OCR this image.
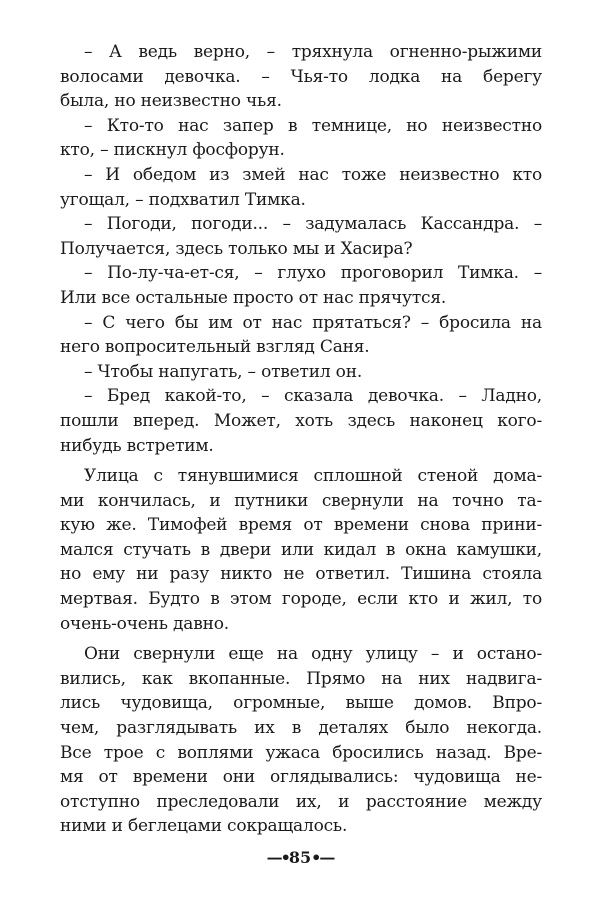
– А ведь верно, – тряхнула огненно-рыжими
волосами девочка. – Чья-то лодка на берегу
была, но неизвестно чья.
– Кто-то нас запер в темнице, но неизвестно
кто, – пискнул фосфорун.
– И обедом из змей нас тоже неизвестно кто
угощал, – подхватил Тимка.
– Погоди, погоди... – задумалась Кассандра. –
Получается, здесь только мы и Хасира?
– По-лу-ча-ет-ся, – глухо проговорил Тимка. –
Или все остальные просто от нас прячутся.
– С чего бы им от нас прятаться? – бросила на
него вопросительный взгляд Саня.
– Чтобы напугать, – ответил он.
– Бред какой-то, – сказала девочка. – Ладно,
пошли вперед. Может, хоть здесь наконец кого-
нибудь встретим.
Улица с тянувшимися сплошной стеной дома-
ми кончилась, и путники свернули на точно та-
кую же. Тимофей время от времени снова прини-
мался стучать в двери или кидал в окна камушки,
но ему ни разу никто не ответил. Тишина стояла
мертвая. Будто в этом городе, если кто и жил, то
очень-очень давно.
Они свернули еще на одну улицу – и остано-
вились, как вкопанные. Прямо на них надвига-
лись чудовища, огромные, выше домов. Впро-
чем, разглядывать их в деталях было некогда.
Все трое с воплями ужаса бросились назад. Вре-
мя от времени они оглядывались: чудовища не-
отступно преследовали их, и расстояние между
ними и беглецами сокращалось.
—•85•—
